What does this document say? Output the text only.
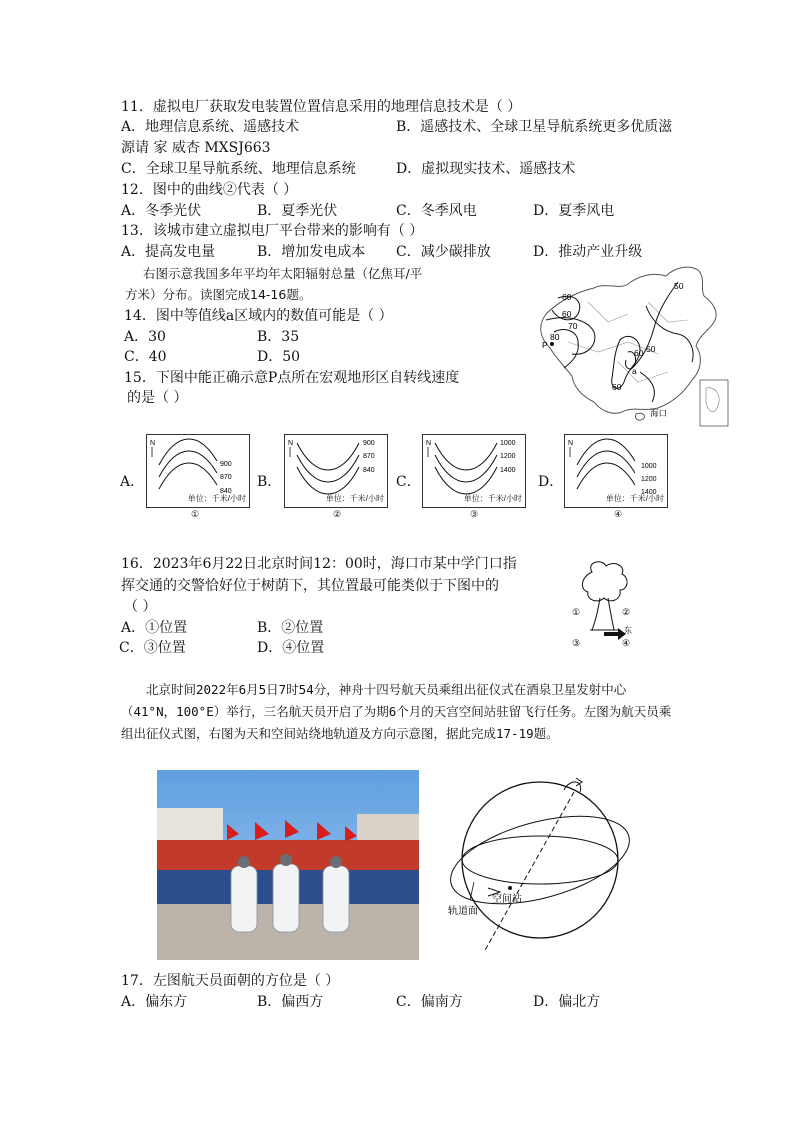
11．虚拟电厂获取发电装置位置信息采用的地理信息技术是（ ）
A．地理信息系统、遥感技术	B．遥感技术、全球卫星导航系统更多优质滋
源请 家 威杏 MXSJ663
C．全球卫星导航系统、地理信息系统	D．虚拟现实技术、遥感技术
12．图中的曲线②代表（ ）
A．冬季光伏	B．夏季光伏	C．冬季风电	D．夏季风电
13．该城市建立虚拟电厂平台带来的影响有（ ）
A．提高发电量	B．增加发电成本 C．减少碳排放	D．推动产业升级
右图示意我国多年平均年太阳辐射总量（亿焦耳/平
方米）分布。读图完成14-16题。
14．图中等值线a区域内的数值可能是（ ）
A．30	B．35
C．40	D．50
15．下图中能正确示意P点所在宏观地形区自转线速度
的是（ ）
60
60
70
50
80
P
60 50
a
60
海口
A．	B．	C．	D．
N
900
870
840
单位：千米/小时
①
N	900
870
840
单位：千米/小时
②
N	1000
1200
1400
单位：千米/小时
③
N
1000
1200
1400
单位：千米/小时
④
16．2023年6月22日北京时间12：00时，海口市某中学门口指
挥交通的交警恰好位于树荫下，其位置最可能类似于下图中的
（ ）
A．①位置	B．②位置
C．③位置	D．④位置
①	②
③	④
东
北京时间2022年6月5日7时54分，神舟十四号航天员乘组出征仪式在酒泉卫星发射中心（41°N，100°E）举行，三名航天员开启了为期6个月的天宫空间站驻留飞行任务。左图为航天员乘组出征仪式图，右图为天和空间站绕地轨道及方向示意图，据此完成17-19题。
空间站
轨道面
17．左图航天员面朝的方位是（ ）
A．偏东方	B．偏西方	C．偏南方	D．偏北方
